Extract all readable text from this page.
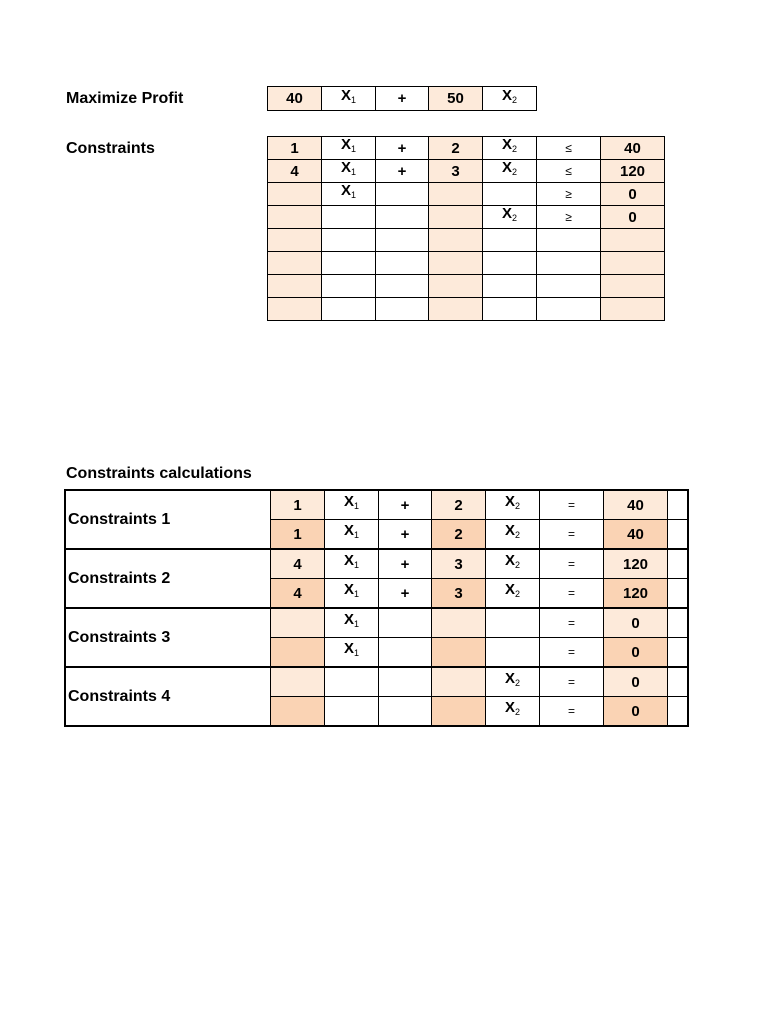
Maximize Profit	40	$X_1$	+	50	$X_2$
Constraints	1	$X_1$	+	2	$X_2$	≤	40
4	$X_1$	+	3	$X_2$	≤	120
	$X_1$				≥	0
				$X_2$	≥	0

Constraints calculations
Constraints 1	1	$X_1$	+	2	$X_2$	=	40	
	1	$X_1$	+	2	$X_2$	=	40	
Constraints 2	4	$X_1$	+	3	$X_2$	=	120	
	4	$X_1$	+	3	$X_2$	=	120	
Constraints 3		$X_1$				=	0	
		$X_1$				=	0	
Constraints 4					$X_2$	=	0	
					$X_2$	=	0	
